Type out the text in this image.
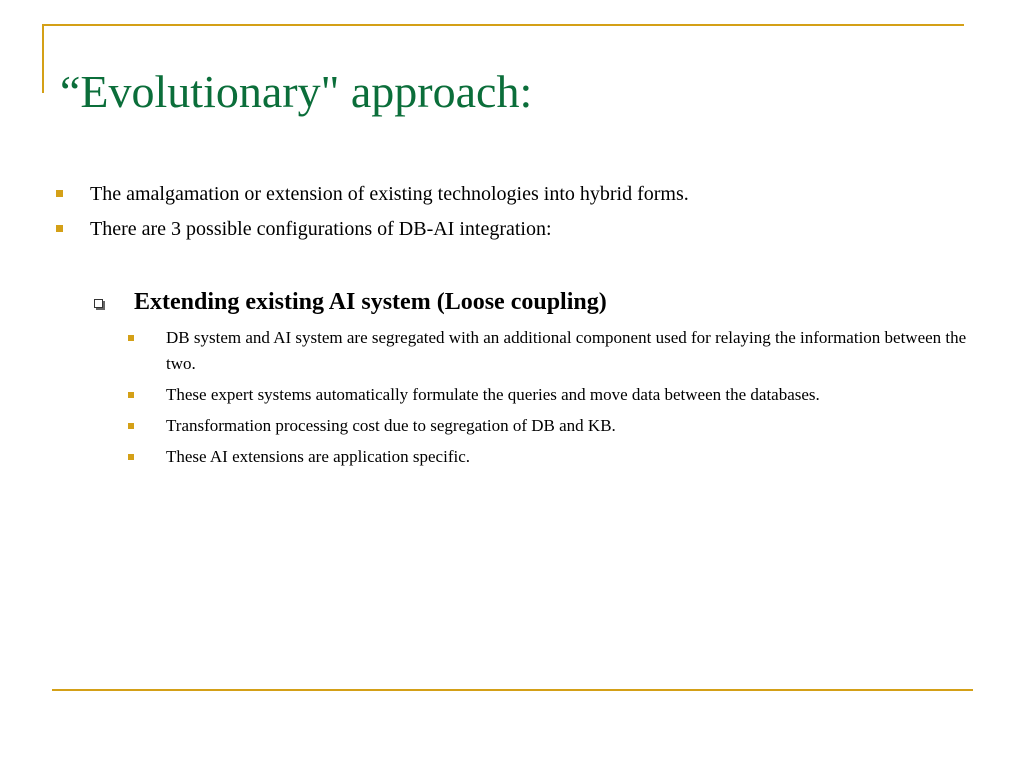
“Evolutionary" approach:
The amalgamation or extension of existing technologies into hybrid forms.
There are 3 possible configurations of DB-AI integration:
Extending existing AI system (Loose coupling)
DB system and AI system are segregated with an additional component used for relaying the information between the two.
These expert systems automatically formulate the queries and move data between the databases.
Transformation processing cost due to segregation of DB and KB.
These AI extensions are application specific.
